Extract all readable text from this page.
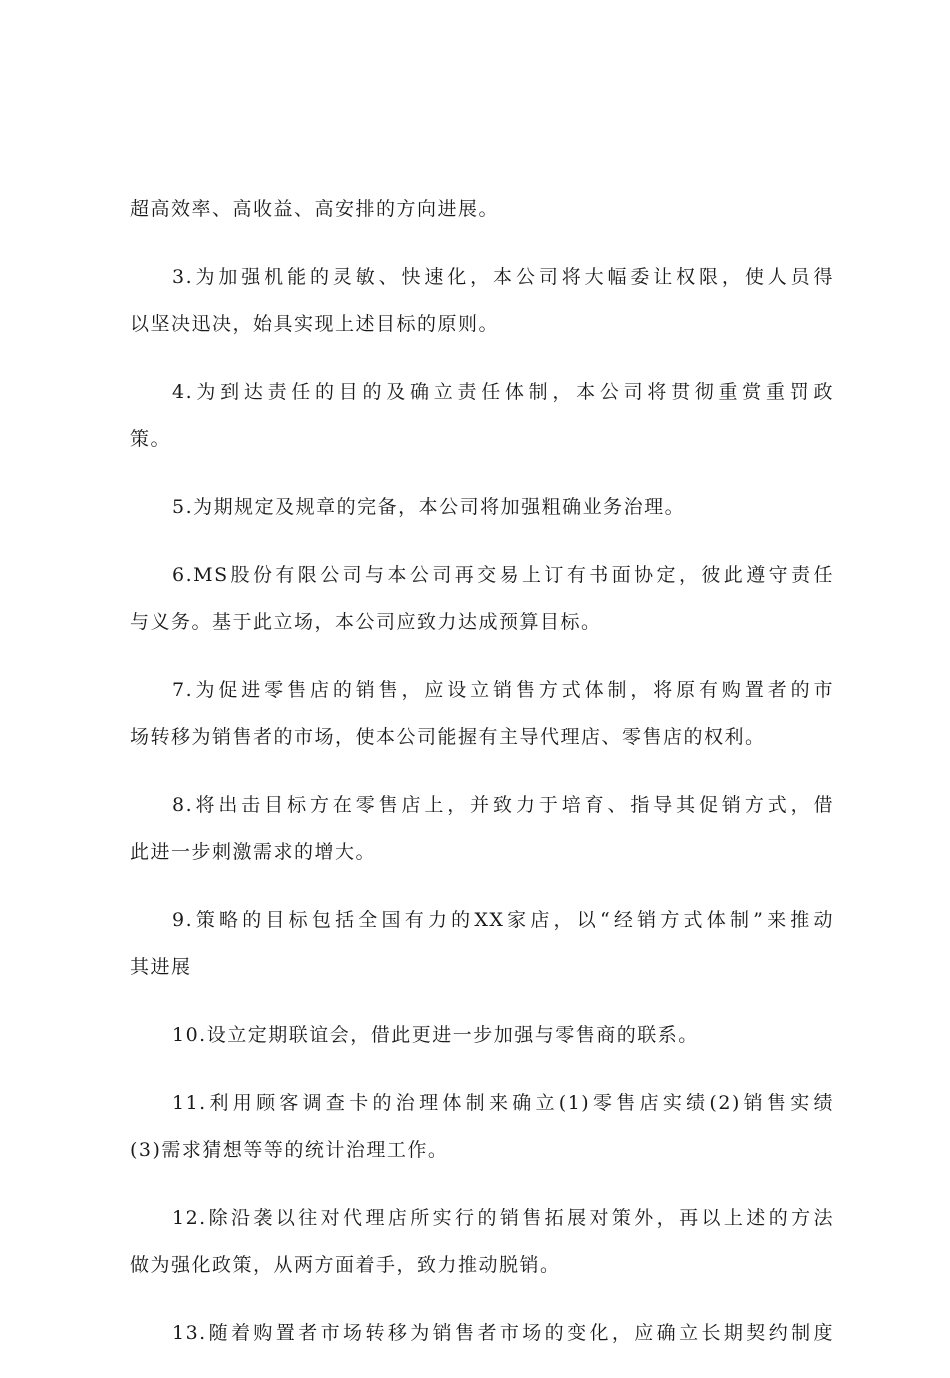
超高效率、高收益、高安排的方向进展。

3.为加强机能的灵敏、快速化，本公司将大幅委让权限，使人员得
以坚决迅决，始具实现上述目标的原则。

4.为到达责任的目的及确立责任体制，本公司将贯彻重赏重罚政
策。

5.为期规定及规章的完备，本公司将加强粗确业务治理。

6.MS股份有限公司与本公司再交易上订有书面协定，彼此遵守责任
与义务。基于此立场，本公司应致力达成预算目标。

7.为促进零售店的销售，应设立销售方式体制，将原有购置者的市
场转移为销售者的市场，使本公司能握有主导代理店、零售店的权利。

8.将出击目标方在零售店上，并致力于培育、指导其促销方式，借
此进一步刺激需求的增大。

9.策略的目标包括全国有力的XX家店，以“经销方式体制”来推动
其进展

10.设立定期联谊会，借此更进一步加强与零售商的联系。

11.利用顾客调查卡的治理体制来确立(1)零售店实绩(2)销售实绩
(3)需求猜想等等的统计治理工作。

12.除沿袭以往对代理店所实行的销售拓展对策外，再以上述的方法
做为强化政策，从两方面着手，致力推动脱销。

13.随着购置者市场转移为销售者市场的变化，应确立长期契约制度
